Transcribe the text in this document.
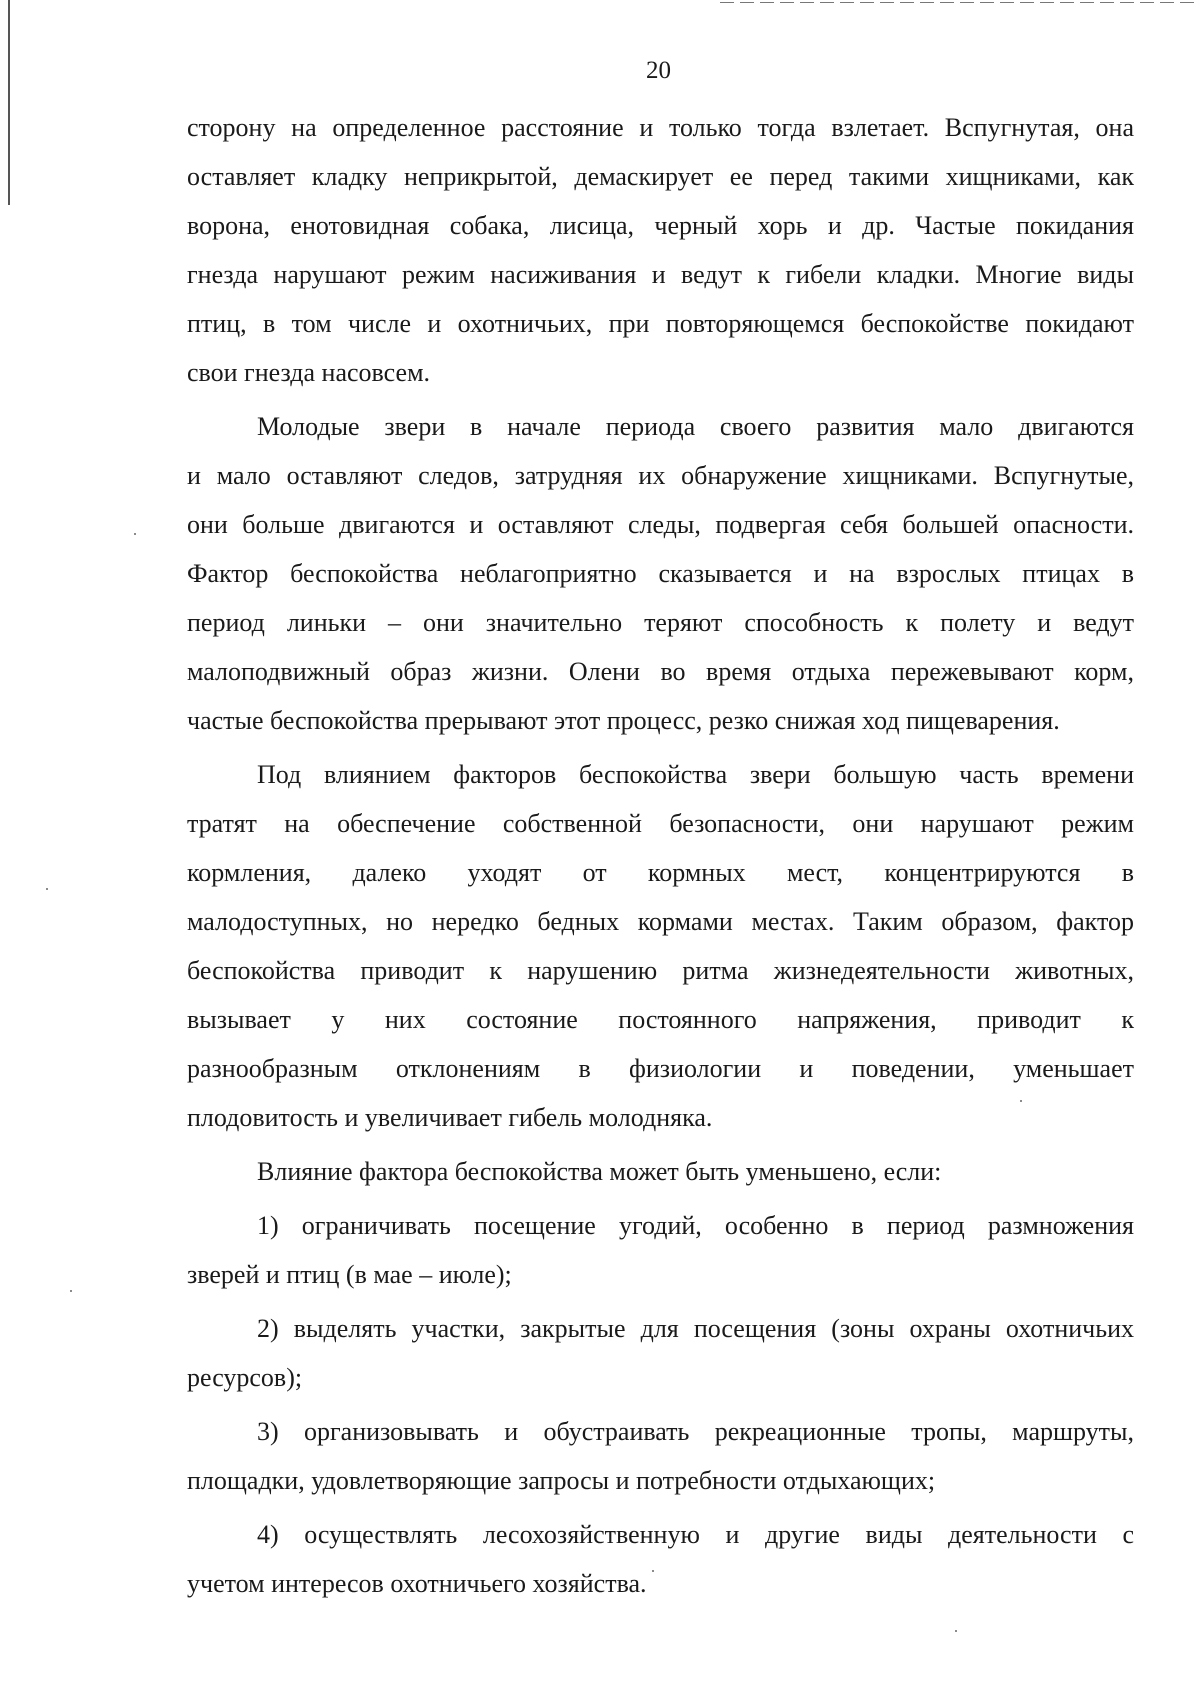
20

сторону на определенное расстояние и только тогда взлетает. Вспугнутая, она
оставляет кладку неприкрытой, демаскирует ее перед такими хищниками, как
ворона, енотовидная собака, лисица, черный хорь и др. Частые покидания
гнезда нарушают режим насиживания и ведут к гибели кладки. Многие виды
птиц, в том числе и охотничьих, при повторяющемся беспокойстве покидают
свои гнезда насовсем.

Молодые звери в начале периода своего развития мало двигаются
и мало оставляют следов, затрудняя их обнаружение хищниками. Вспугнутые,
они больше двигаются и оставляют следы, подвергая себя большей опасности.
Фактор беспокойства неблагоприятно сказывается и на взрослых птицах в
период линьки – они значительно теряют способность к полету и ведут
малоподвижный образ жизни. Олени во время отдыха пережевывают корм,
частые беспокойства прерывают этот процесс, резко снижая ход пищеварения.

Под влиянием факторов беспокойства звери большую часть времени
тратят на обеспечение собственной безопасности, они нарушают режим
кормления, далеко уходят от кормных мест, концентрируются в
малодоступных, но нередко бедных кормами местах. Таким образом, фактор
беспокойства приводит к нарушению ритма жизнедеятельности животных,
вызывает у них состояние постоянного напряжения, приводит к
разнообразным отклонениям в физиологии и поведении, уменьшает
плодовитость и увеличивает гибель молодняка.

Влияние фактора беспокойства может быть уменьшено, если:

1) ограничивать посещение угодий, особенно в период размножения
зверей и птиц (в мае – июле);

2) выделять участки, закрытые для посещения (зоны охраны охотничьих
ресурсов);

3) организовывать и обустраивать рекреационные тропы, маршруты,
площадки, удовлетворяющие запросы и потребности отдыхающих;

4) осуществлять лесохозяйственную и другие виды деятельности с
учетом интересов охотничьего хозяйства.
